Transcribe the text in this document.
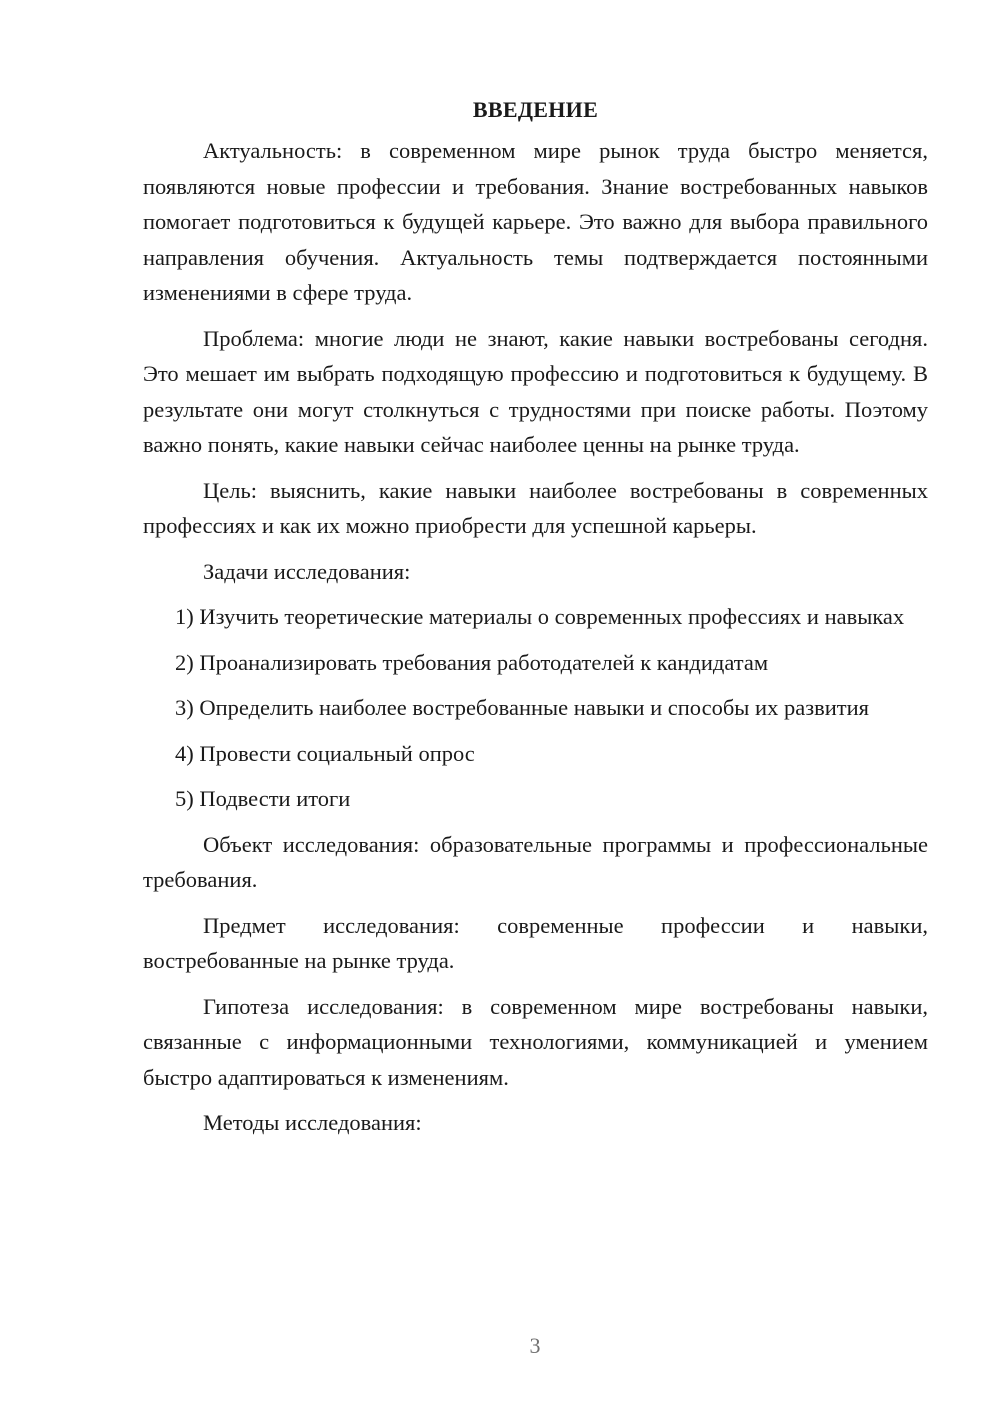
ВВЕДЕНИЕ

Актуальность: в современном мире рынок труда быстро меняется, появляются новые профессии и требования. Знание востребованных навыков помогает подготовиться к будущей карьере. Это важно для выбора правильного направления обучения. Актуальность темы подтверждается постоянными изменениями в сфере труда.

Проблема: многие люди не знают, какие навыки востребованы сегодня. Это мешает им выбрать подходящую профессию и подготовиться к будущему. В результате они могут столкнуться с трудностями при поиске работы. Поэтому важно понять, какие навыки сейчас наиболее ценны на рынке труда.

Цель: выяснить, какие навыки наиболее востребованы в современных профессиях и как их можно приобрести для успешной карьеры.

Задачи исследования:

1) Изучить теоретические материалы о современных профессиях и навыках

2) Проанализировать требования работодателей к кандидатам

3) Определить наиболее востребованные навыки и способы их развития

4) Провести социальный опрос

5) Подвести итоги

Объект исследования: образовательные программы и профессиональные требования.

Предмет исследования: современные профессии и навыки, востребованные на рынке труда.

Гипотеза исследования: в современном мире востребованы навыки, связанные с информационными технологиями, коммуникацией и умением быстро адаптироваться к изменениям.

Методы исследования:

3
